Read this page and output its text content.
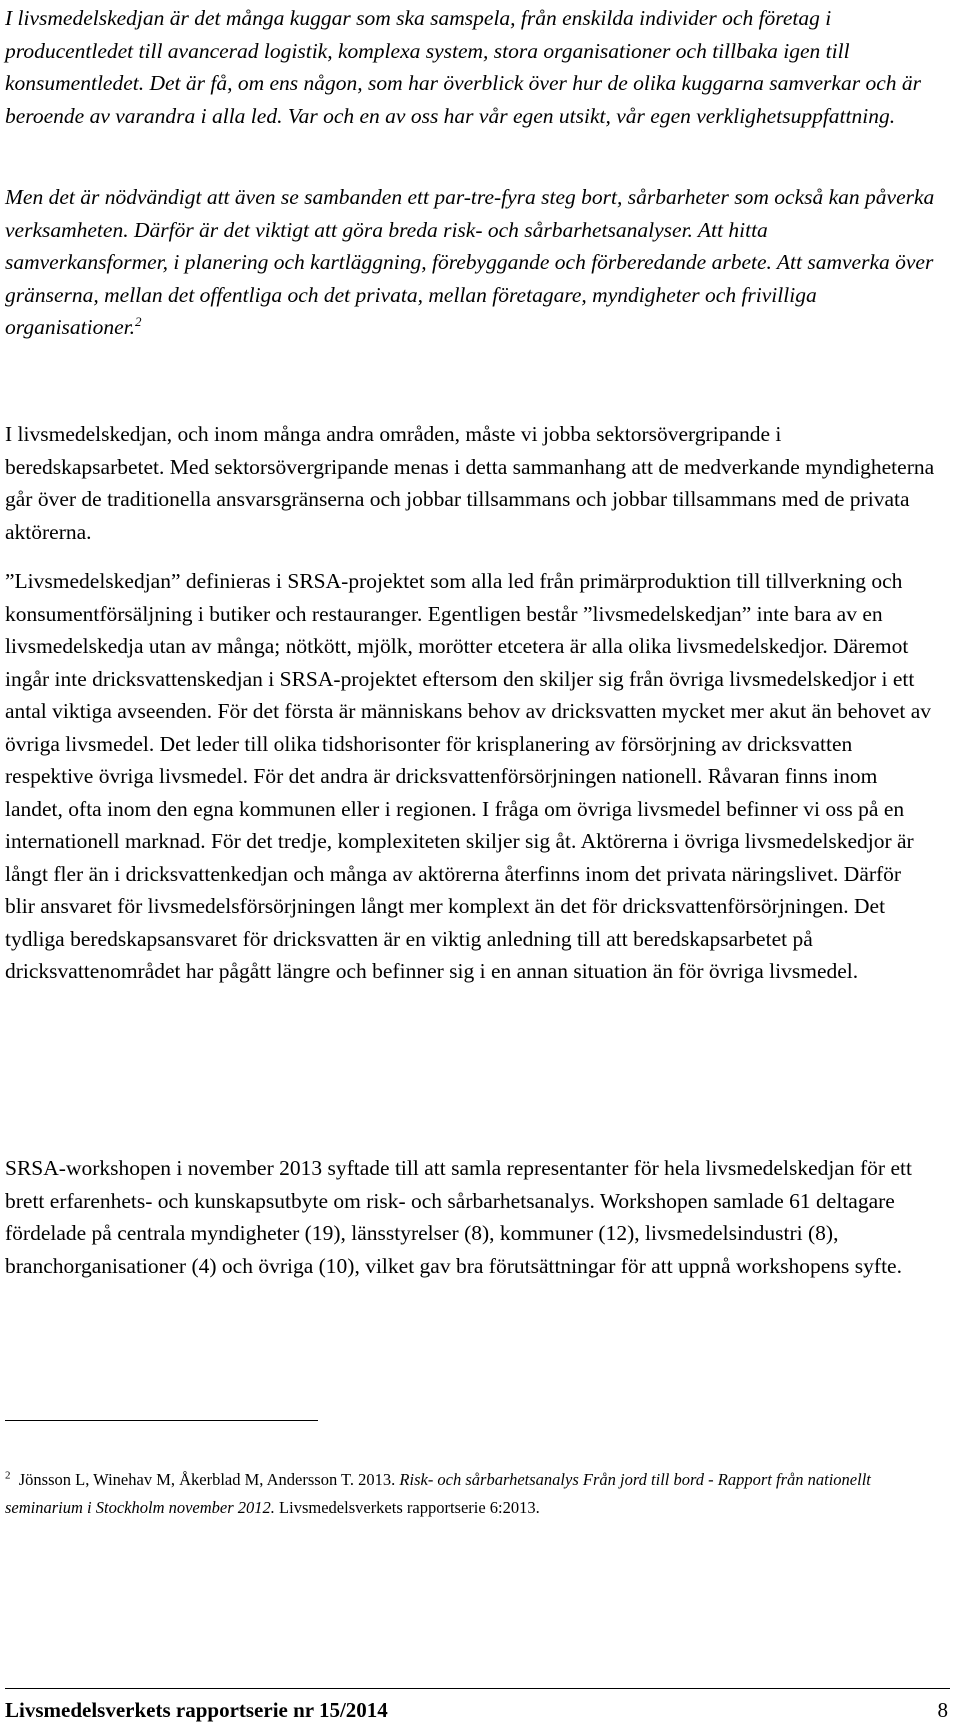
I livsmedelskedjan är det många kuggar som ska samspela, från enskilda individer och företag i producentledet till avancerad logistik, komplexa system, stora organisationer och tillbaka igen till konsumentledet. Det är få, om ens någon, som har överblick över hur de olika kuggarna samverkar och är beroende av varandra i alla led. Var och en av oss har vår egen utsikt, vår egen verklighetsuppfattning.

Men det är nödvändigt att även se sambanden ett par-tre-fyra steg bort, sårbarheter som också kan påverka verksamheten. Därför är det viktigt att göra breda risk- och sårbarhetsanalyser. Att hitta samverkansformer, i planering och kartläggning, förebyggande och förberedande arbete. Att samverka över gränserna, mellan det offentliga och det privata, mellan företagare, myndigheter och frivilliga organisationer.$^2$

I livsmedelskedjan, och inom många andra områden, måste vi jobba sektorsövergripande i beredskapsarbetet. Med sektorsövergripande menas i detta sammanhang att de medverkande myndigheterna går över de traditionella ansvarsgränserna och jobbar tillsammans och jobbar tillsammans med de privata aktörerna.

”Livsmedelskedjan” definieras i SRSA-projektet som alla led från primärproduktion till tillverkning och konsumentförsäljning i butiker och restauranger. Egentligen består ”livsmedelskedjan” inte bara av en livsmedelskedja utan av många; nötkött, mjölk, morötter etcetera är alla olika livsmedelskedjor. Däremot ingår inte dricksvattenskedjan i SRSA-projektet eftersom den skiljer sig från övriga livsmedelskedjor i ett antal viktiga avseenden. För det första är människans behov av dricksvatten mycket mer akut än behovet av övriga livsmedel. Det leder till olika tidshorisonter för krisplanering av försörjning av dricksvatten respektive övriga livsmedel. För det andra är dricksvattenförsörjningen nationell. Råvaran finns inom landet, ofta inom den egna kommunen eller i regionen. I fråga om övriga livsmedel befinner vi oss på en internationell marknad. För det tredje, komplexiteten skiljer sig åt. Aktörerna i övriga livsmedelskedjor är långt fler än i dricksvattenkedjan och många av aktörerna återfinns inom det privata näringslivet. Därför blir ansvaret för livsmedelsförsörjningen långt mer komplext än det för dricksvattenförsörjningen. Det tydliga beredskapsansvaret för dricksvatten är en viktig anledning till att beredskapsarbetet på dricksvattenområdet har pågått längre och befinner sig i en annan situation än för övriga livsmedel.

SRSA-workshopen i november 2013 syftade till att samla representanter för hela livsmedelskedjan för ett brett erfarenhets- och kunskapsutbyte om risk- och sårbarhetsanalys. Workshopen samlade 61 deltagare fördelade på centrala myndigheter (19), länsstyrelser (8), kommuner (12), livsmedelsindustri (8), branchorganisationer (4) och övriga (10), vilket gav bra förutsättningar för att uppnå workshopens syfte.

$^2$ Jönsson L, Winehav M, Åkerblad M, Andersson T. 2013. Risk- och sårbarhetsanalys Från jord till bord - Rapport från nationellt seminarium i Stockholm november 2012. Livsmedelsverkets rapportserie 6:2013.

Livsmedelsverkets rapportserie nr 15/2014	8
